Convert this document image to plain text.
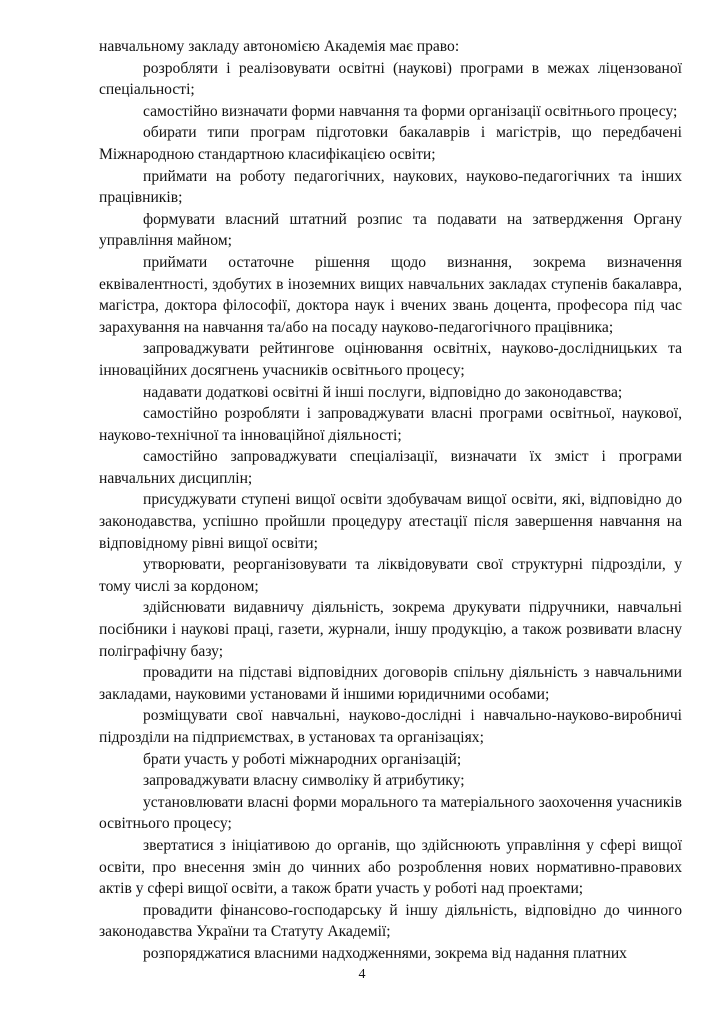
навчальному закладу автономією Академія має право:

розробляти і реалізовувати освітні (наукові) програми в межах ліцензованої спеціальності;

самостійно визначати форми навчання та форми організації освітнього процесу;

обирати типи програм підготовки бакалаврів і магістрів, що передбачені Міжнародною стандартною класифікацією освіти;

приймати на роботу педагогічних, наукових, науково-педагогічних та інших працівників;

формувати власний штатний розпис та подавати на затвердження Органу управління майном;

приймати остаточне рішення щодо визнання, зокрема визначення еквівалентності, здобутих в іноземних вищих навчальних закладах ступенів бакалавра, магістра, доктора філософії, доктора наук і вчених звань доцента, професора під час зарахування на навчання та/або на посаду науково-педагогічного працівника;

запроваджувати рейтингове оцінювання освітніх, науково-дослідницьких та інноваційних досягнень учасників освітнього процесу;

надавати додаткові освітні й інші послуги, відповідно до законодавства;

самостійно розробляти і запроваджувати власні програми освітньої, наукової, науково-технічної та інноваційної діяльності;

самостійно запроваджувати спеціалізації, визначати їх зміст і програми навчальних дисциплін;

присуджувати ступені вищої освіти здобувачам вищої освіти, які, відповідно до законодавства, успішно пройшли процедуру атестації після завершення навчання на відповідному рівні вищої освіти;

утворювати, реорганізовувати та ліквідовувати свої структурні підрозділи, у тому числі за кордоном;

здійснювати видавничу діяльність, зокрема друкувати підручники, навчальні посібники і наукові праці, газети, журнали, іншу продукцію, а також розвивати власну поліграфічну базу;

провадити на підставі відповідних договорів спільну діяльність з навчальними закладами, науковими установами й іншими юридичними особами;

розміщувати свої навчальні, науково-дослідні і навчально-науково-виробничі підрозділи на підприємствах, в установах та організаціях;

брати участь у роботі міжнародних організацій;

запроваджувати власну символіку й атрибутику;

установлювати власні форми морального та матеріального заохочення учасників освітнього процесу;

звертатися з ініціативою до органів, що здійснюють управління у сфері вищої освіти, про внесення змін до чинних або розроблення нових нормативно-правових актів у сфері вищої освіти, а також брати участь у роботі над проектами;

провадити фінансово-господарську й іншу діяльність, відповідно до чинного законодавства України та Статуту Академії;

розпоряджатися власними надходженнями, зокрема від надання платних

4
